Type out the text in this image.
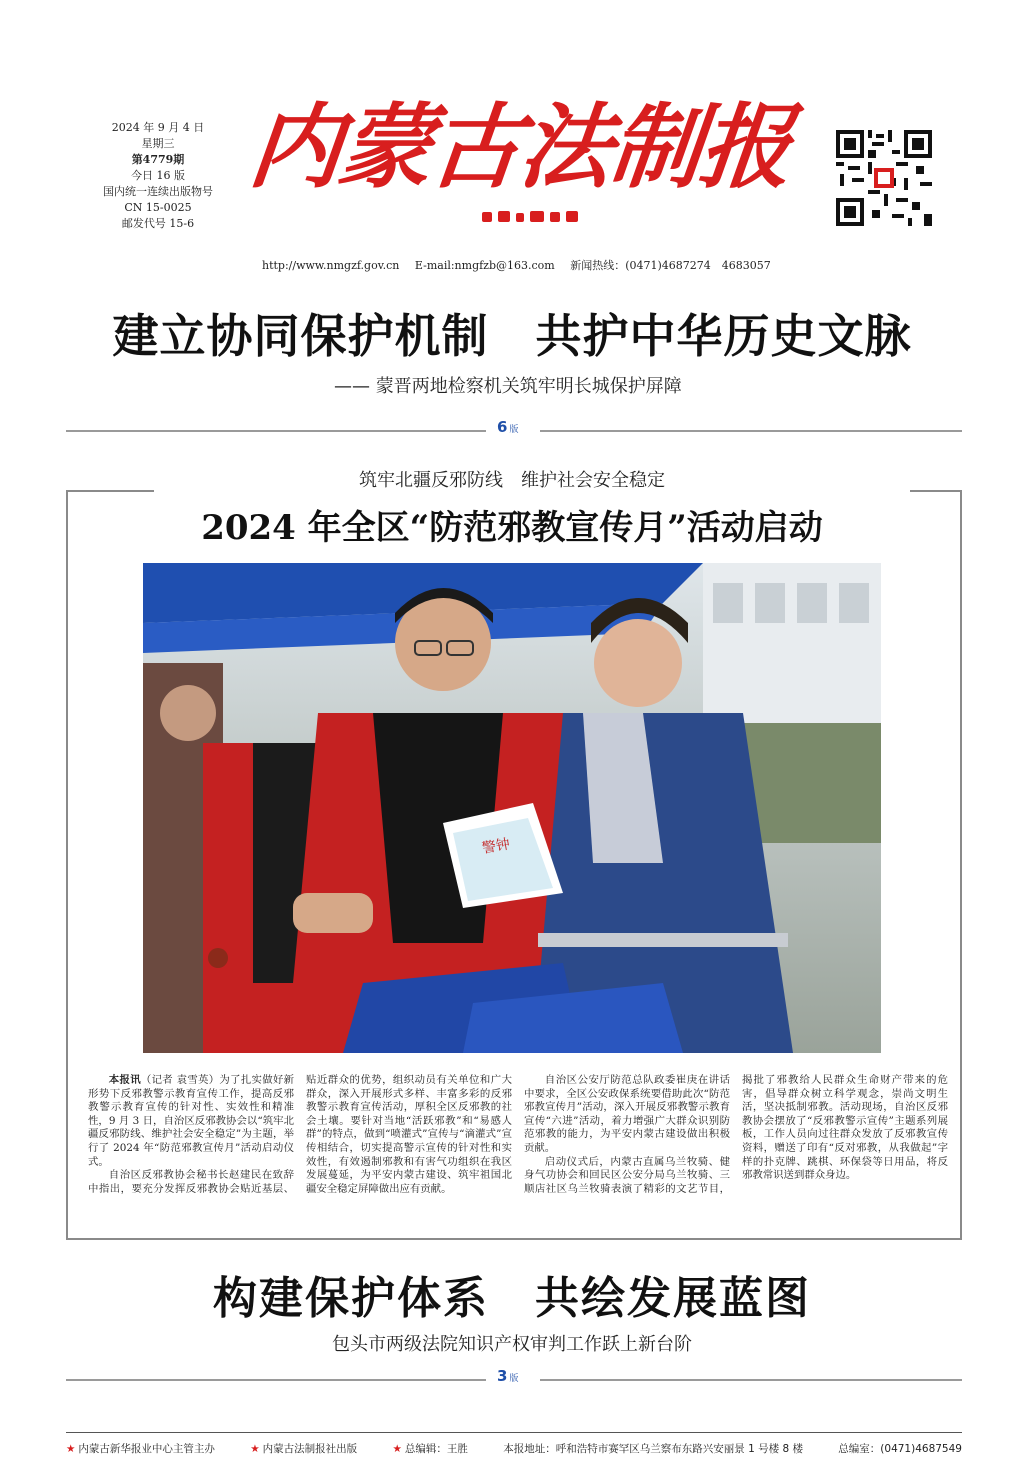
2024 年 9 月 4 日
星期三
第4779期
今日 16 版
国内统一连续出版物号
CN 15-0025
邮发代号 15-6
内蒙古法制报
http://www.nmgzf.gov.cn E-mail:nmgfzb@163.com 新闻热线：(0471)4687274　4683057
建立协同保护机制　共护中华历史文脉
—— 蒙晋两地检察机关筑牢明长城保护屏障
6 版
筑牢北疆反邪防线　维护社会安全稳定
2024 年全区“防范邪教宣传月”活动启动
警钟

本报讯（记者 袁雪英）为了扎实做好新形势下反邪教警示教育宣传工作，提高反邪教警示教育宣传的针对性、实效性和精准性，9 月 3 日，自治区反邪教协会以“筑牢北疆反邪防线、维护社会安全稳定”为主题，举行了 2024 年“防范邪教宣传月”活动启动仪式。

自治区反邪教协会秘书长赵建民在致辞中指出，要充分发挥反邪教协会贴近基层、贴近群众的优势，组织动员有关单位和广大群众，深入开展形式多样、丰富多彩的反邪教警示教育宣传活动，厚积全区反邪教的社会土壤。要针对当地“活跃邪教”和“易感人群”的特点，做到“喷灌式”宣传与“滴灌式”宣传相结合，切实提高警示宣传的针对性和实效性，有效遏制邪教和有害气功组织在我区发展蔓延，为平安内蒙古建设、筑牢祖国北疆安全稳定屏障做出应有贡献。

自治区公安厅防范总队政委崔庚在讲话中要求，全区公安政保系统要借助此次“防范邪教宣传月”活动，深入开展反邪教警示教育宣传“六进”活动，着力增强广大群众识别防范邪教的能力，为平安内蒙古建设做出积极贡献。

启动仪式后，内蒙古直属乌兰牧骑、健身气功协会和回民区公安分局乌兰牧骑、三顺店社区乌兰牧骑表演了精彩的文艺节目，揭批了邪教给人民群众生命财产带来的危害，倡导群众树立科学观念，崇尚文明生活，坚决抵制邪教。活动现场，自治区反邪教协会摆放了“反邪教警示宣传”主题系列展板，工作人员向过往群众发放了反邪教宣传资料，赠送了印有“反对邪教，从我做起”字样的扑克牌、跳棋、环保袋等日用品，将反邪教常识送到群众身边。

构建保护体系　共绘发展蓝图
包头市两级法院知识产权审判工作跃上新台阶
3 版
★ 内蒙古新华报业中心主管主办	★ 内蒙古法制报社出版	★ 总编辑：王胜	本报地址：呼和浩特市赛罕区乌兰察布东路兴安丽景 1 号楼 8 楼	总编室：(0471)4687549
